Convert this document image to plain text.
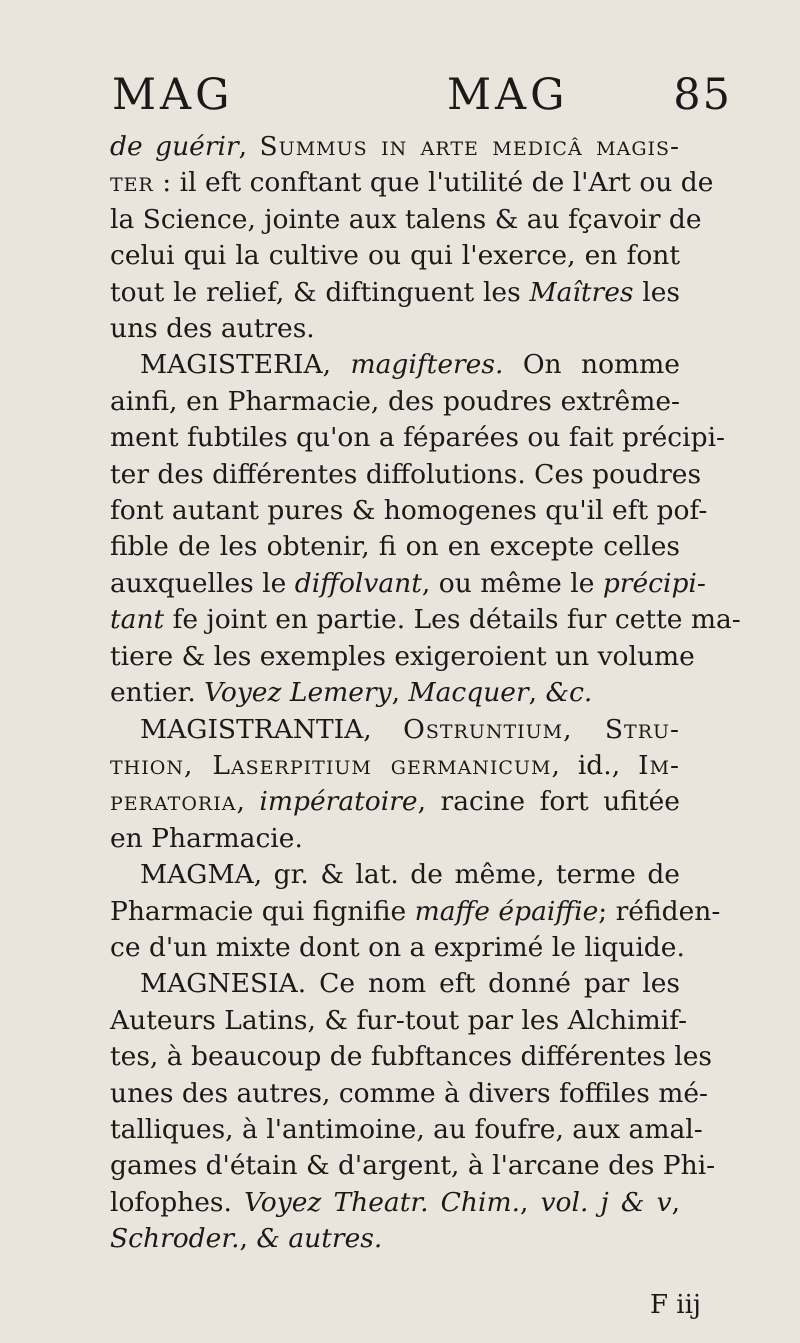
MAG	MAG 85
de guérir, Summus in arte medicâ magis-
ter : il eft conftant que l'utilité de l'Art ou de
la Science, jointe aux talens & au fçavoir de
celui qui la cultive ou qui l'exerce, en font
tout le relief, & diftinguent les Maîtres les
uns des autres.
MAGISTERIA, magifteres. On nomme
ainfi, en Pharmacie, des poudres extrême-
ment fubtiles qu'on a féparées ou fait précipi-
ter des différentes diffolutions. Ces poudres
font autant pures & homogenes qu'il eft pof-
fible de les obtenir, fi on en excepte celles
auxquelles le diffolvant, ou même le précipi-
tant fe joint en partie. Les détails fur cette ma-
tiere & les exemples exigeroient un volume
entier. Voyez Lemery, Macquer, &c.
MAGISTRANTIA, Ostruntium, Stru-
thion, Laserpitium germanicum, id., Im-
peratoria, impératoire, racine fort ufitée
en Pharmacie.
MAGMA, gr. & lat. de même, terme de
Pharmacie qui fignifie maffe épaiffie; réfiden-
ce d'un mixte dont on a exprimé le liquide.
MAGNESIA. Ce nom eft donné par les
Auteurs Latins, & fur-tout par les Alchimif-
tes, à beaucoup de fubftances différentes les
unes des autres, comme à divers foffiles mé-
talliques, à l'antimoine, au foufre, aux amal-
games d'étain & d'argent, à l'arcane des Phi-
lofophes. Voyez Theatr. Chim., vol. j & v,
Schroder., & autres.
F iij
